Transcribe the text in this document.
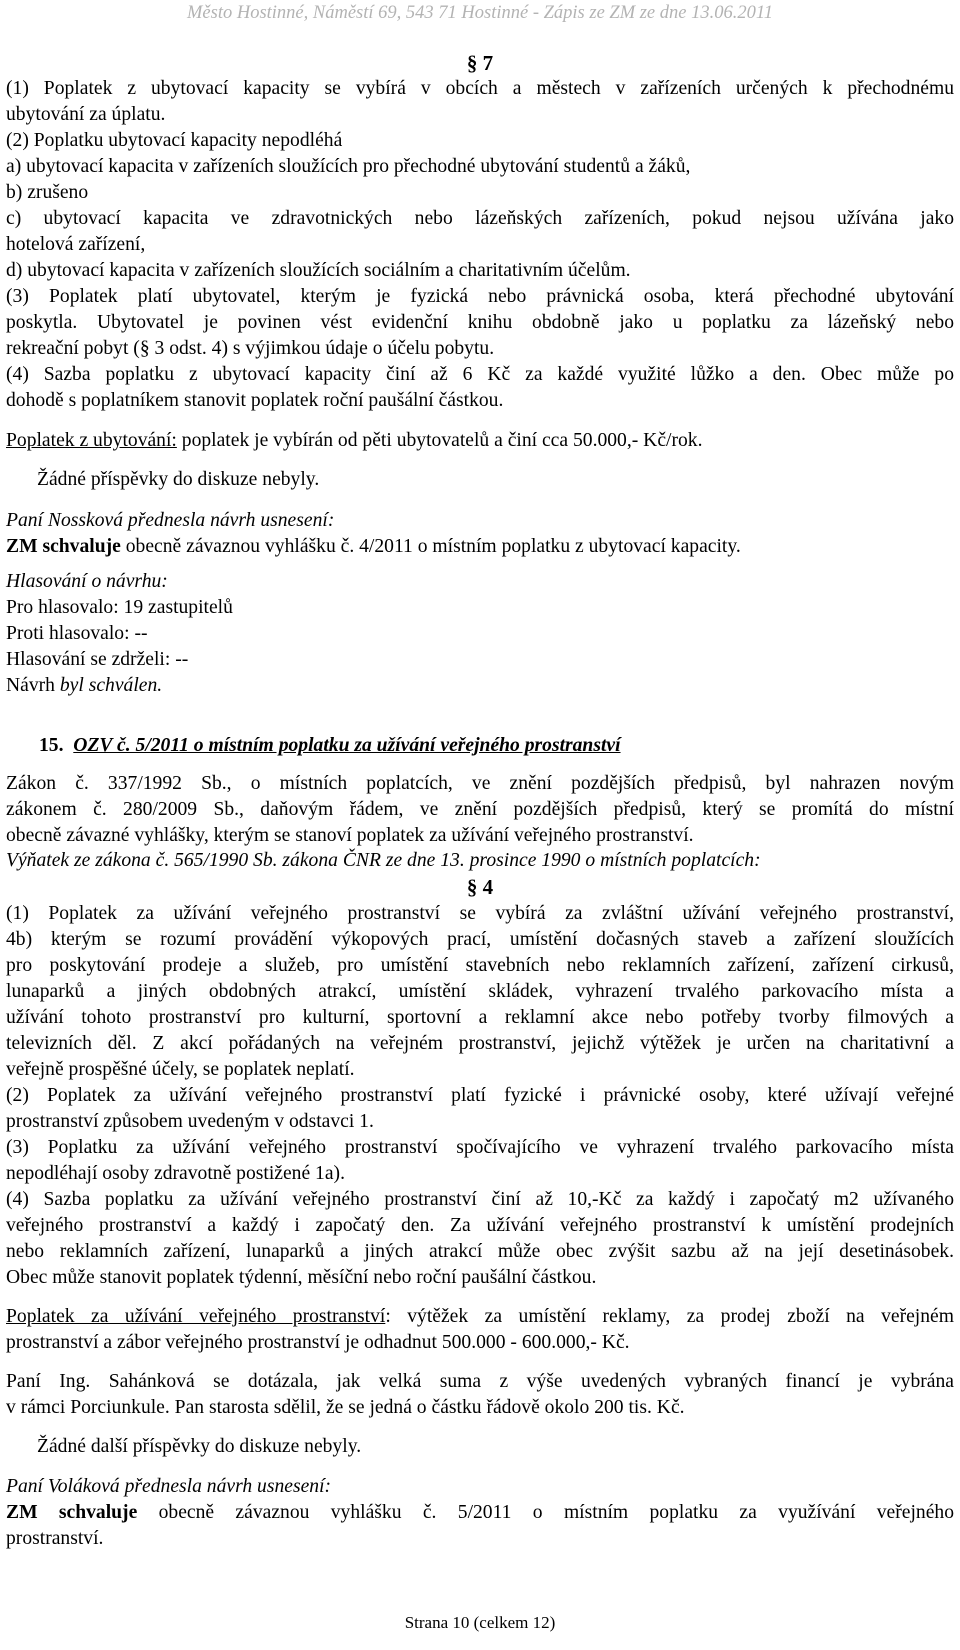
Město Hostinné, Náměstí 69, 543 71 Hostinné - Zápis ze ZM ze dne 13.06.2011
§ 7
(1) Poplatek z ubytovací kapacity se vybírá v obcích a městech v zařízeních určených k přechodnému
ubytování za úplatu.
(2) Poplatku ubytovací kapacity nepodléhá
a) ubytovací kapacita v zařízeních sloužících pro přechodné ubytování studentů a žáků,
b) zrušeno
c) ubytovací kapacita ve zdravotnických nebo lázeňských zařízeních, pokud nejsou užívána jako
hotelová zařízení,
d) ubytovací kapacita v zařízeních sloužících sociálním a charitativním účelům.
(3) Poplatek platí ubytovatel, kterým je fyzická nebo právnická osoba, která přechodné ubytování
poskytla. Ubytovatel je povinen vést evidenční knihu obdobně jako u poplatku za lázeňský nebo
rekreační pobyt (§ 3 odst. 4) s výjimkou údaje o účelu pobytu.
(4) Sazba poplatku z ubytovací kapacity činí až 6 Kč za každé využité lůžko a den. Obec může po
dohodě s poplatníkem stanovit poplatek roční paušální částkou.
Poplatek z ubytování: poplatek je vybírán od pěti ubytovatelů a činí cca 50.000,- Kč/rok.
Žádné příspěvky do diskuze nebyly.
Paní Nossková přednesla návrh usnesení:
ZM schvaluje obecně závaznou vyhlášku č. 4/2011 o místním poplatku z ubytovací kapacity.
Hlasování o návrhu:
Pro hlasovalo: 19 zastupitelů
Proti hlasovalo: --
Hlasování se zdrželi: --
Návrh byl schválen.
15. OZV č. 5/2011 o místním poplatku za užívání veřejného prostranství
Zákon č. 337/1992 Sb., o místních poplatcích, ve znění pozdějších předpisů, byl nahrazen novým
zákonem č. 280/2009 Sb., daňovým řádem, ve znění pozdějších předpisů, který se promítá do místní
obecně závazné vyhlášky, kterým se stanoví poplatek za užívání veřejného prostranství.
Výňatek ze zákona č. 565/1990 Sb. zákona ČNR ze dne 13. prosince 1990 o místních poplatcích:
§ 4
(1) Poplatek za užívání veřejného prostranství se vybírá za zvláštní užívání veřejného prostranství,
4b) kterým se rozumí provádění výkopových prací, umístění dočasných staveb a zařízení sloužících
pro poskytování prodeje a služeb, pro umístění stavebních nebo reklamních zařízení, zařízení cirkusů,
lunaparků a jiných obdobných atrakcí, umístění skládek, vyhrazení trvalého parkovacího místa a
užívání tohoto prostranství pro kulturní, sportovní a reklamní akce nebo potřeby tvorby filmových a
televizních děl. Z akcí pořádaných na veřejném prostranství, jejichž výtěžek je určen na charitativní a
veřejně prospěšné účely, se poplatek neplatí.
(2) Poplatek za užívání veřejného prostranství platí fyzické i právnické osoby, které užívají veřejné
prostranství způsobem uvedeným v odstavci 1.
(3) Poplatku za užívání veřejného prostranství spočívajícího ve vyhrazení trvalého parkovacího místa
nepodléhají osoby zdravotně postižené 1a).
(4) Sazba poplatku za užívání veřejného prostranství činí až 10,-Kč za každý i započatý m2 užívaného
veřejného prostranství a každý i započatý den. Za užívání veřejného prostranství k umístění prodejních
nebo reklamních zařízení, lunaparků a jiných atrakcí může obec zvýšit sazbu až na její desetinásobek.
Obec může stanovit poplatek týdenní, měsíční nebo roční paušální částkou.
Poplatek za užívání veřejného prostranství: výtěžek za umístění reklamy, za prodej zboží na veřejném
prostranství a zábor veřejného prostranství je odhadnut 500.000 - 600.000,- Kč.
Paní Ing. Sahánková se dotázala, jak velká suma z výše uvedených vybraných financí je vybrána
v rámci Porciunkule. Pan starosta sdělil, že se jedná o částku řádově okolo 200 tis. Kč.
Žádné další příspěvky do diskuze nebyly.
Paní Voláková přednesla návrh usnesení:
ZM schvaluje obecně závaznou vyhlášku č. 5/2011 o místním poplatku za využívání veřejného
prostranství.
Strana 10 (celkem 12)
